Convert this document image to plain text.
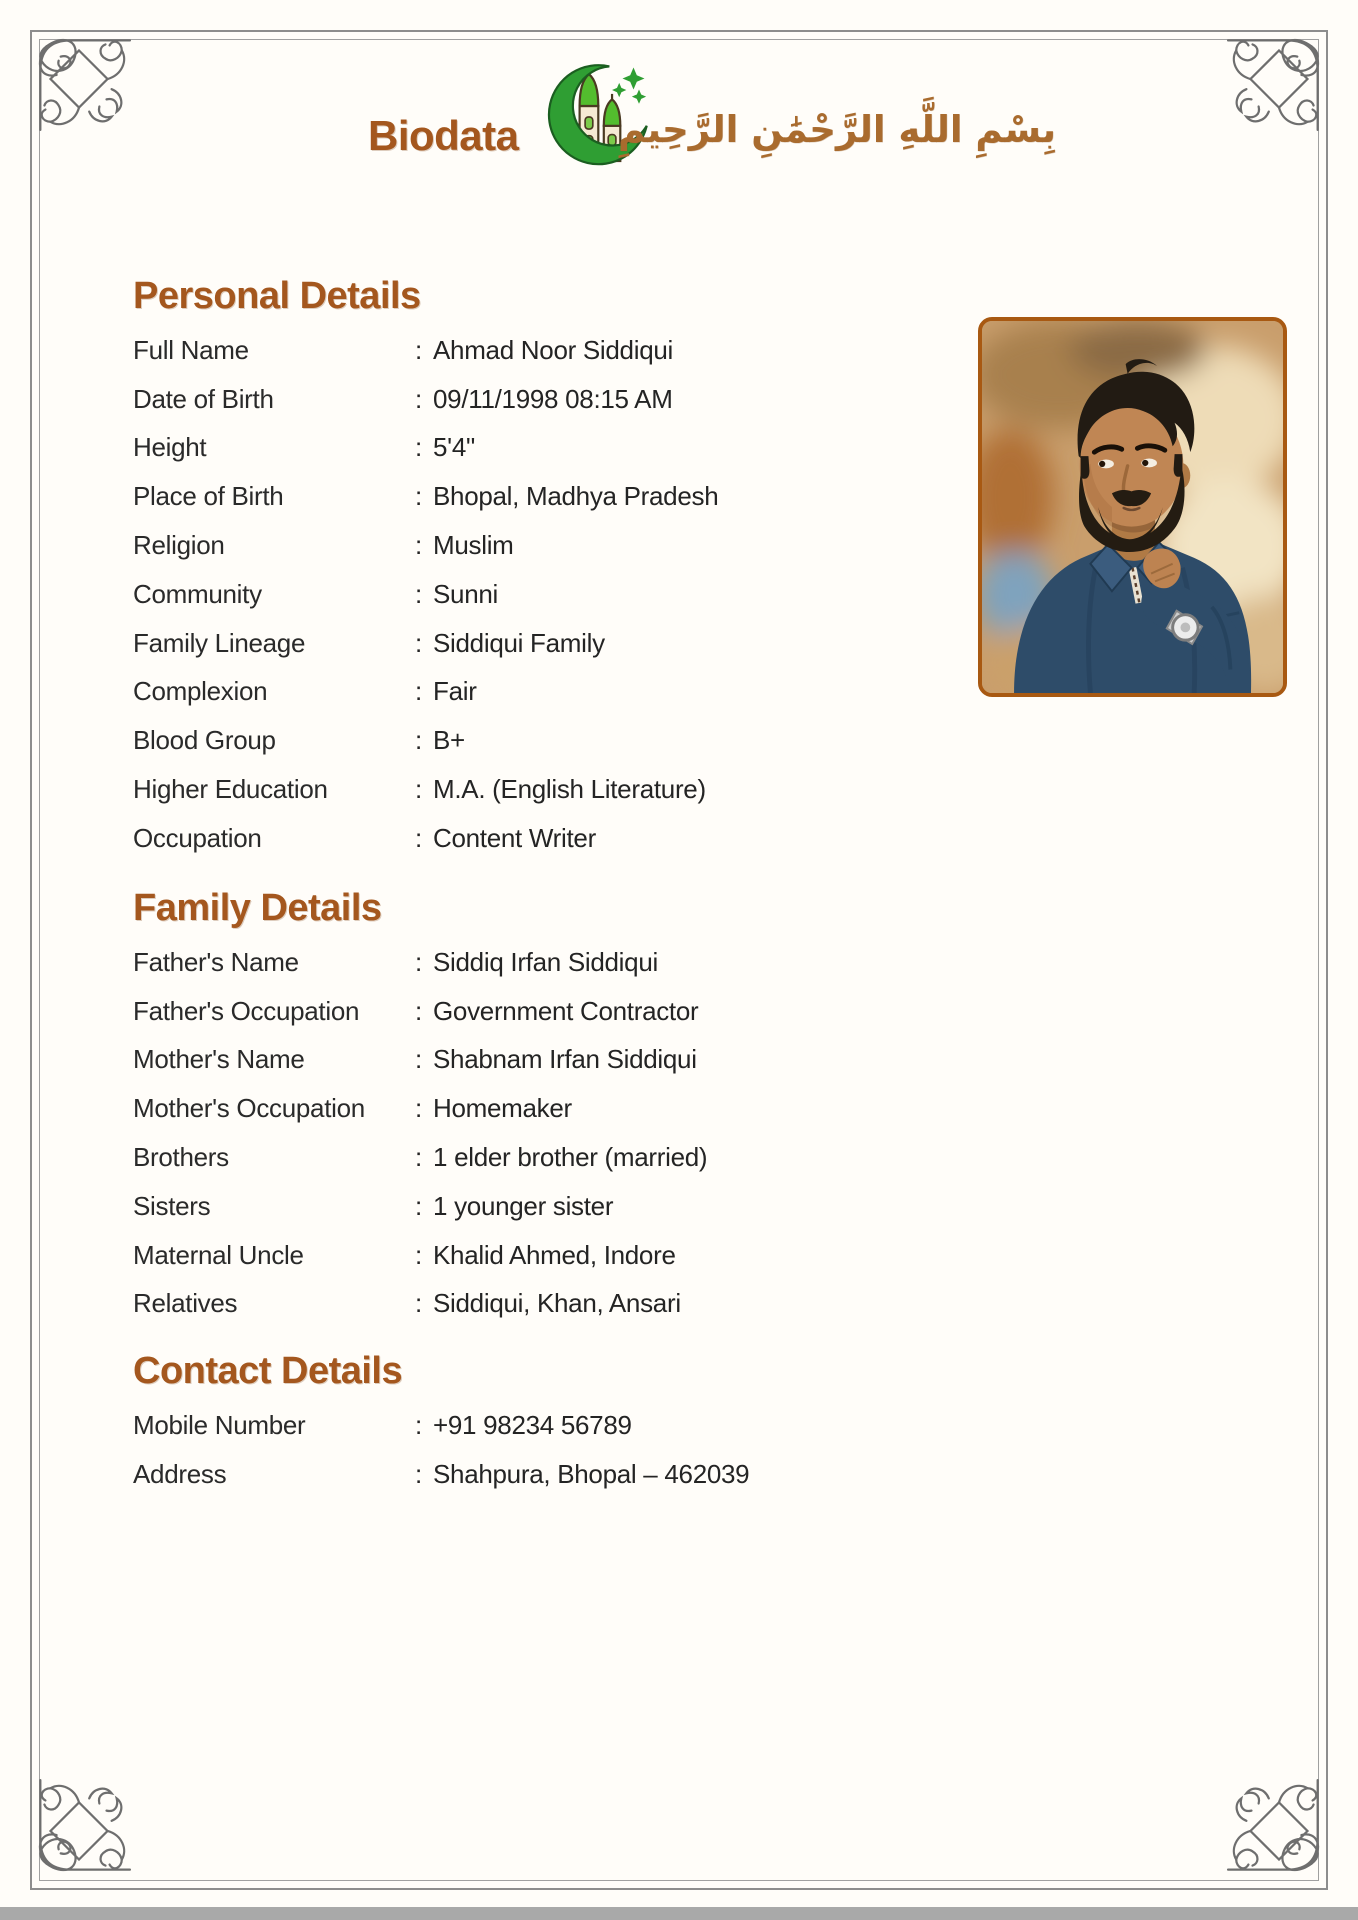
Biodata	بِسْمِ اللَّهِ الرَّحْمَٰنِ الرَّحِيمِ
Personal Details
Full Name	: Ahmad Noor Siddiqui
Date of Birth	: 09/11/1998 08:15 AM
Height	: 5'4"
Place of Birth	: Bhopal, Madhya Pradesh
Religion	: Muslim
Community	: Sunni
Family Lineage	: Siddiqui Family
Complexion	: Fair
Blood Group	: B+
Higher Education	: M.A. (English Literature)
Occupation	: Content Writer
Family Details
Father's Name	: Siddiq Irfan Siddiqui
Father's Occupation	: Government Contractor
Mother's Name	: Shabnam Irfan Siddiqui
Mother's Occupation	: Homemaker
Brothers	: 1 elder brother (married)
Sisters	: 1 younger sister
Maternal Uncle	: Khalid Ahmed, Indore
Relatives	: Siddiqui, Khan, Ansari
Contact Details
Mobile Number	: +91 98234 56789
Address	: Shahpura, Bhopal – 462039
